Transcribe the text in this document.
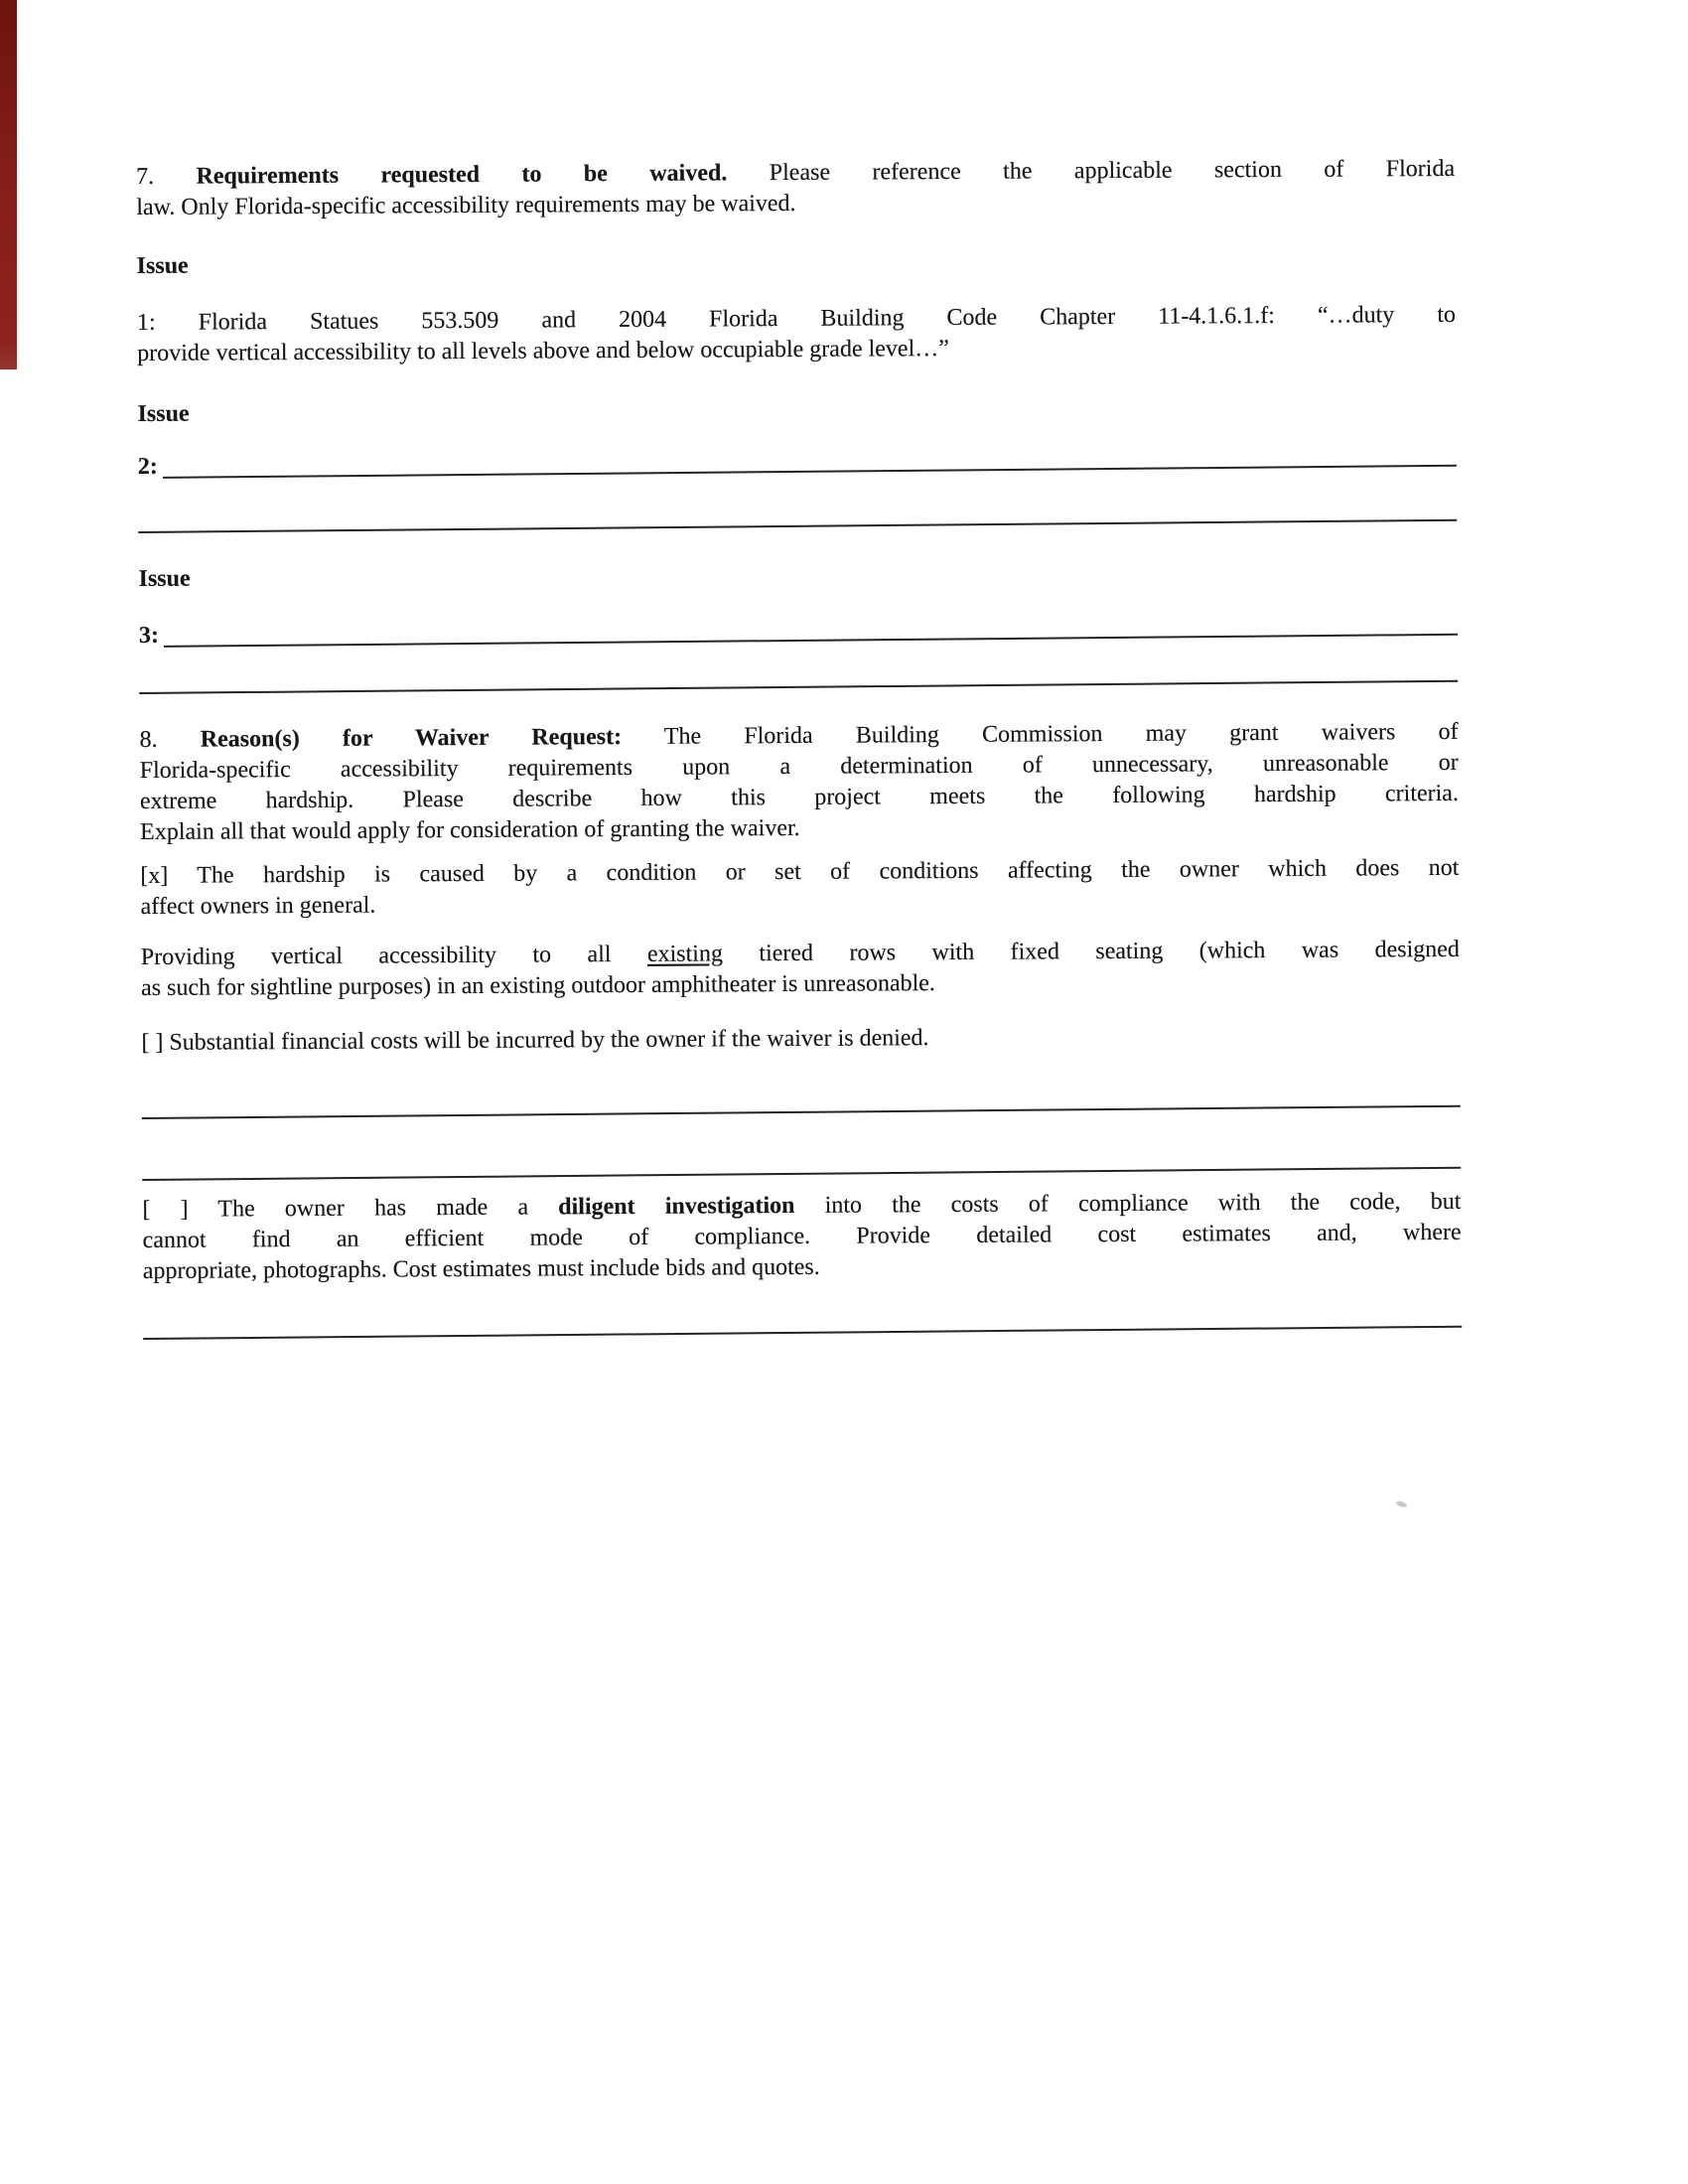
7. Requirements requested to be waived. Please reference the applicable section of Florida
law. Only Florida-specific accessibility requirements may be waived.
Issue
1: Florida Statues 553.509 and 2004 Florida Building Code Chapter 11-4.1.6.1.f: “…duty to
provide vertical accessibility to all levels above and below occupiable grade level…”
Issue
2:
Issue
3:
8. Reason(s) for Waiver Request: The Florida Building Commission may grant waivers of
Florida-specific accessibility requirements upon a determination of unnecessary, unreasonable or
extreme hardship. Please describe how this project meets the following hardship criteria.
Explain all that would apply for consideration of granting the waiver.
[x] The hardship is caused by a condition or set of conditions affecting the owner which does not
affect owners in general.
Providing vertical accessibility to all existing tiered rows with fixed seating (which was designed
as such for sightline purposes) in an existing outdoor amphitheater is unreasonable.
[ ] Substantial financial costs will be incurred by the owner if the waiver is denied.
[ ] The owner has made a diligent investigation into the costs of compliance with the code, but
cannot find an efficient mode of compliance. Provide detailed cost estimates and, where
appropriate, photographs. Cost estimates must include bids and quotes.
